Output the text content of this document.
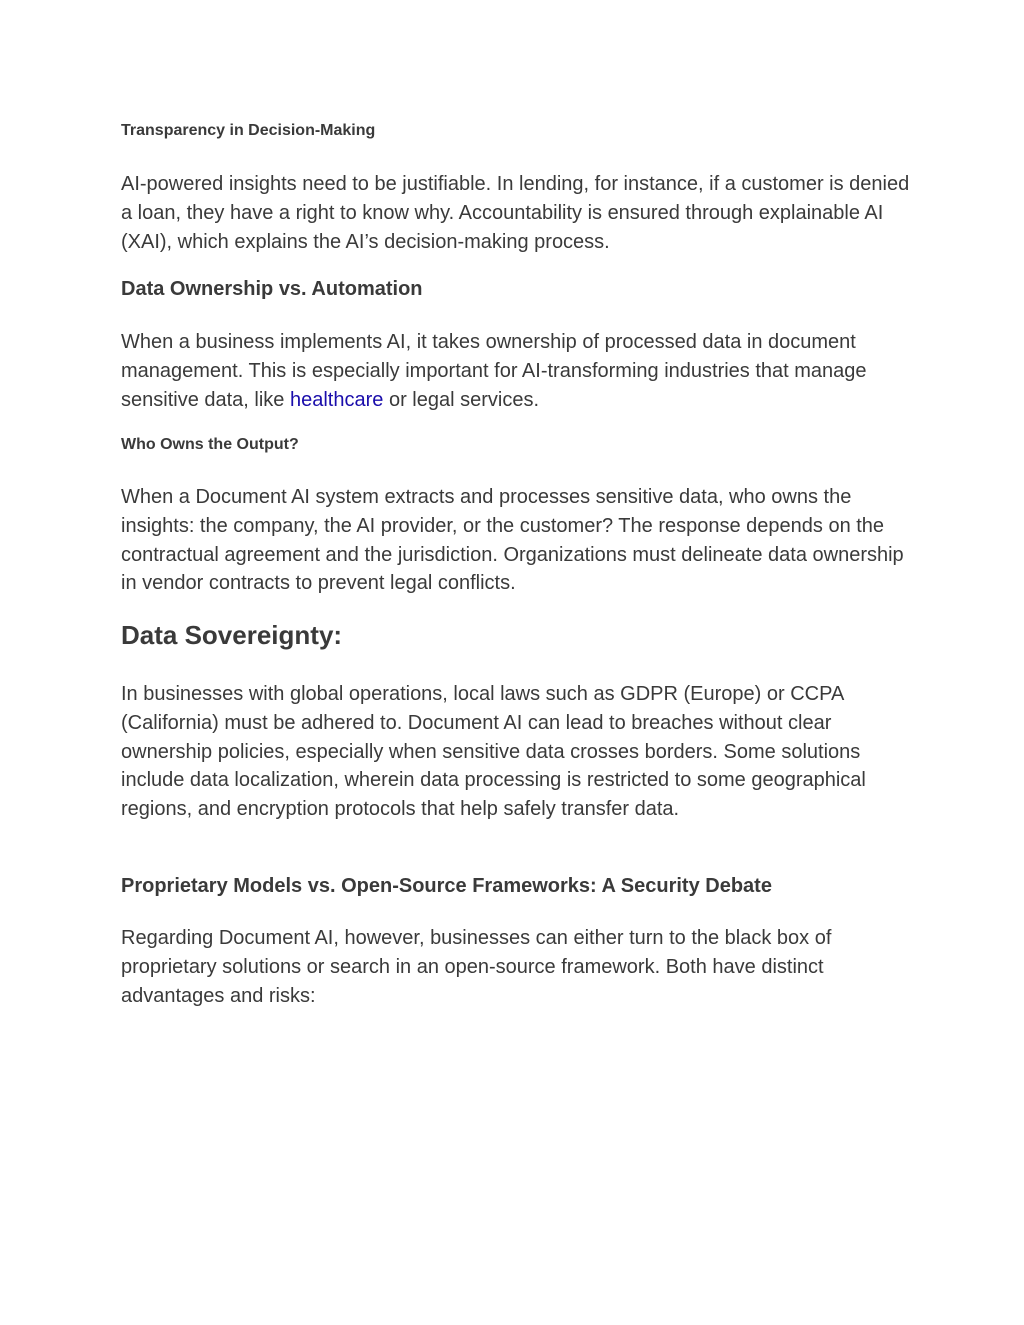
Transparency in Decision-Making

AI-powered insights need to be justifiable. In lending, for instance, if a customer is denied a loan, they have a right to know why. Accountability is ensured through explainable AI (XAI), which explains the AI’s decision-making process.

Data Ownership vs. Automation

When a business implements AI, it takes ownership of processed data in document management. This is especially important for AI-transforming industries that manage sensitive data, like healthcare or legal services.

Who Owns the Output?

When a Document AI system extracts and processes sensitive data, who owns the insights: the company, the AI provider, or the customer? The response depends on the contractual agreement and the jurisdiction. Organizations must delineate data ownership in vendor contracts to prevent legal conflicts.

Data Sovereignty:

In businesses with global operations, local laws such as GDPR (Europe) or CCPA (California) must be adhered to. Document AI can lead to breaches without clear ownership policies, especially when sensitive data crosses borders. Some solutions include data localization, wherein data processing is restricted to some geographical regions, and encryption protocols that help safely transfer data.

Proprietary Models vs. Open-Source Frameworks: A Security Debate

Regarding Document AI, however, businesses can either turn to the black box of proprietary solutions or search in an open-source framework. Both have distinct advantages and risks:
